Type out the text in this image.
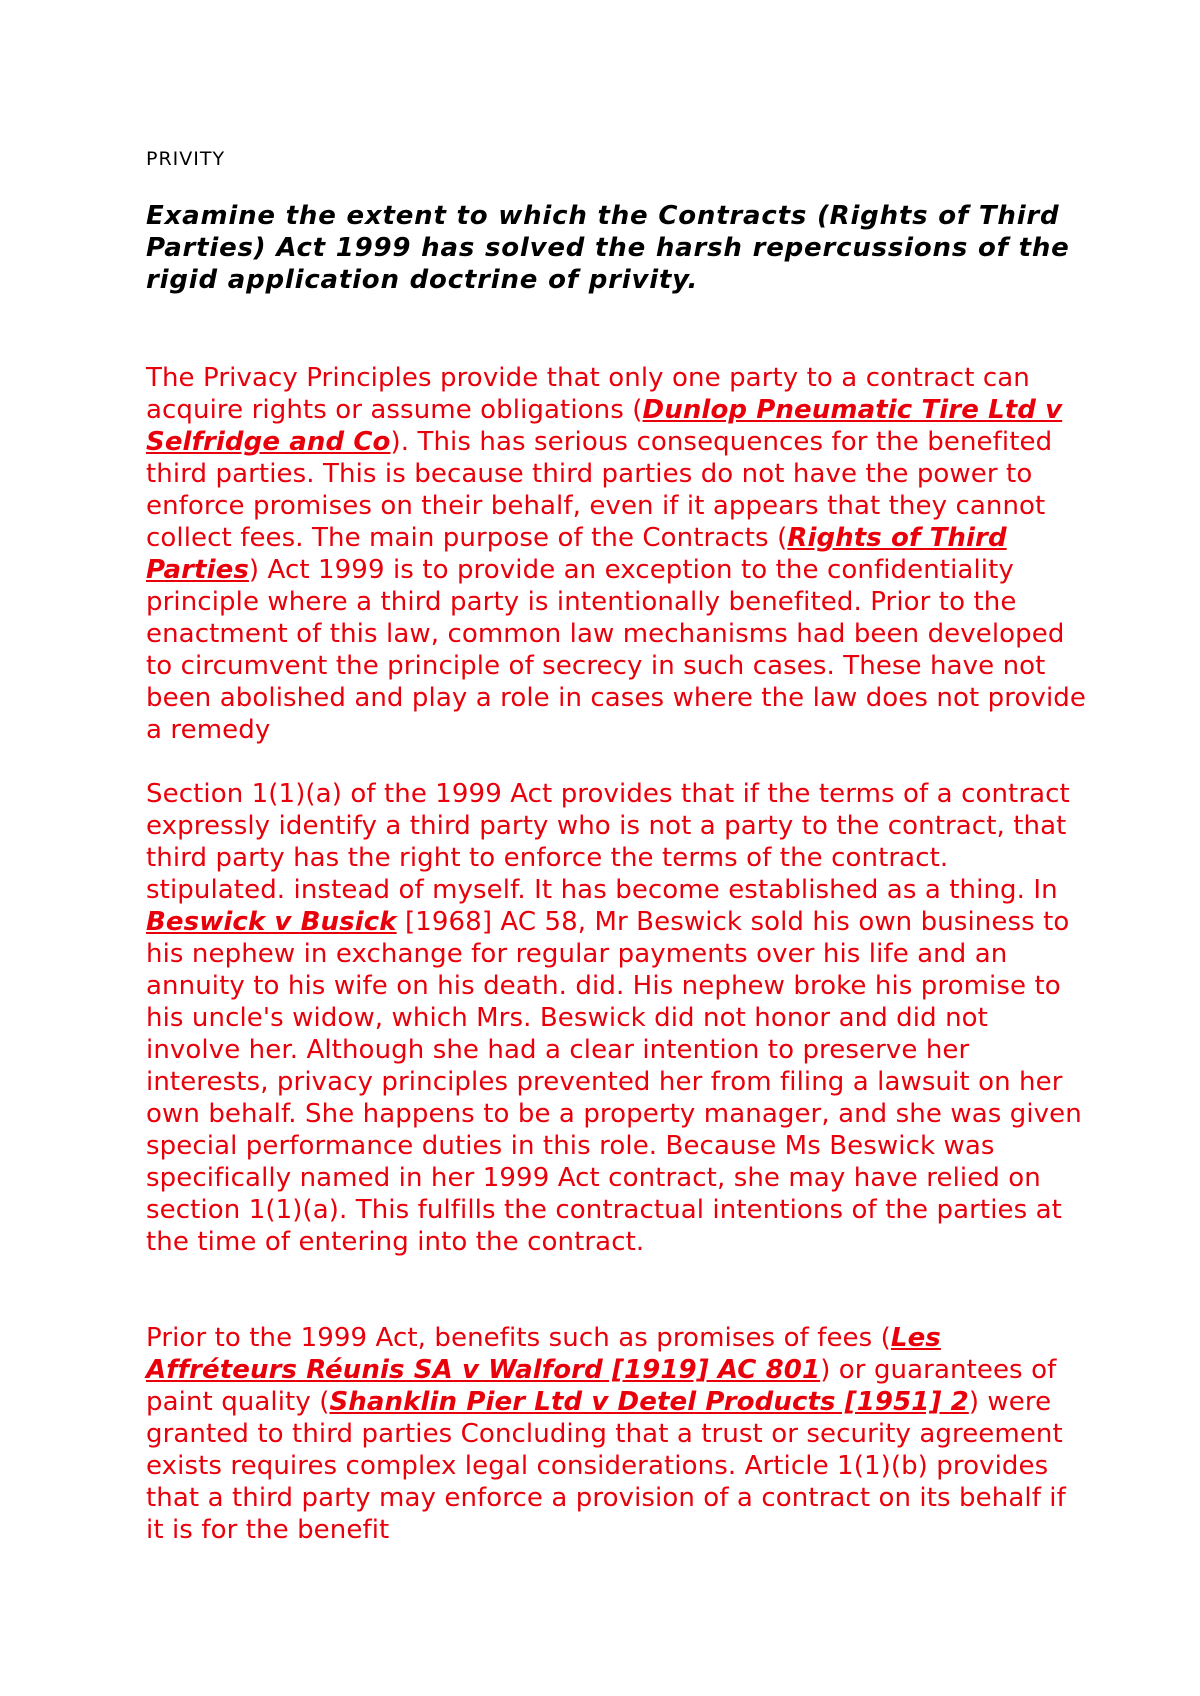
PRIVITY

Examine the extent to which the Contracts (Rights of Third Parties) Act 1999 has solved the harsh repercussions of the rigid application doctrine of privity.

The Privacy Principles provide that only one party to a contract can acquire rights or assume obligations (Dunlop Pneumatic Tire Ltd v Selfridge and Co). This has serious consequences for the benefited third parties. This is because third parties do not have the power to enforce promises on their behalf, even if it appears that they cannot collect fees. The main purpose of the Contracts (Rights of Third Parties) Act 1999 is to provide an exception to the confidentiality principle where a third party is intentionally benefited. Prior to the enactment of this law, common law mechanisms had been developed to circumvent the principle of secrecy in such cases. These have not been abolished and play a role in cases where the law does not provide a remedy

Section 1(1)(a) of the 1999 Act provides that if the terms of a contract expressly identify a third party who is not a party to the contract, that third party has the right to enforce the terms of the contract. stipulated. instead of myself. It has become established as a thing. In Beswick v Busick [1968] AC 58, Mr Beswick sold his own business to his nephew in exchange for regular payments over his life and an annuity to his wife on his death. did. His nephew broke his promise to his uncle's widow, which Mrs. Beswick did not honor and did not involve her. Although she had a clear intention to preserve her interests, privacy principles prevented her from filing a lawsuit on her own behalf. She happens to be a property manager, and she was given special performance duties in this role. Because Ms Beswick was specifically named in her 1999 Act contract, she may have relied on section 1(1)(a). This fulfills the contractual intentions of the parties at the time of entering into the contract.

Prior to the 1999 Act, benefits such as promises of fees (Les Affréteurs Réunis SA v Walford [1919] AC 801) or guarantees of paint quality (Shanklin Pier Ltd v Detel Products [1951] 2) were granted to third parties Concluding that a trust or security agreement exists requires complex legal considerations. Article 1(1)(b) provides that a third party may enforce a provision of a contract on its behalf if it is for the benefit
